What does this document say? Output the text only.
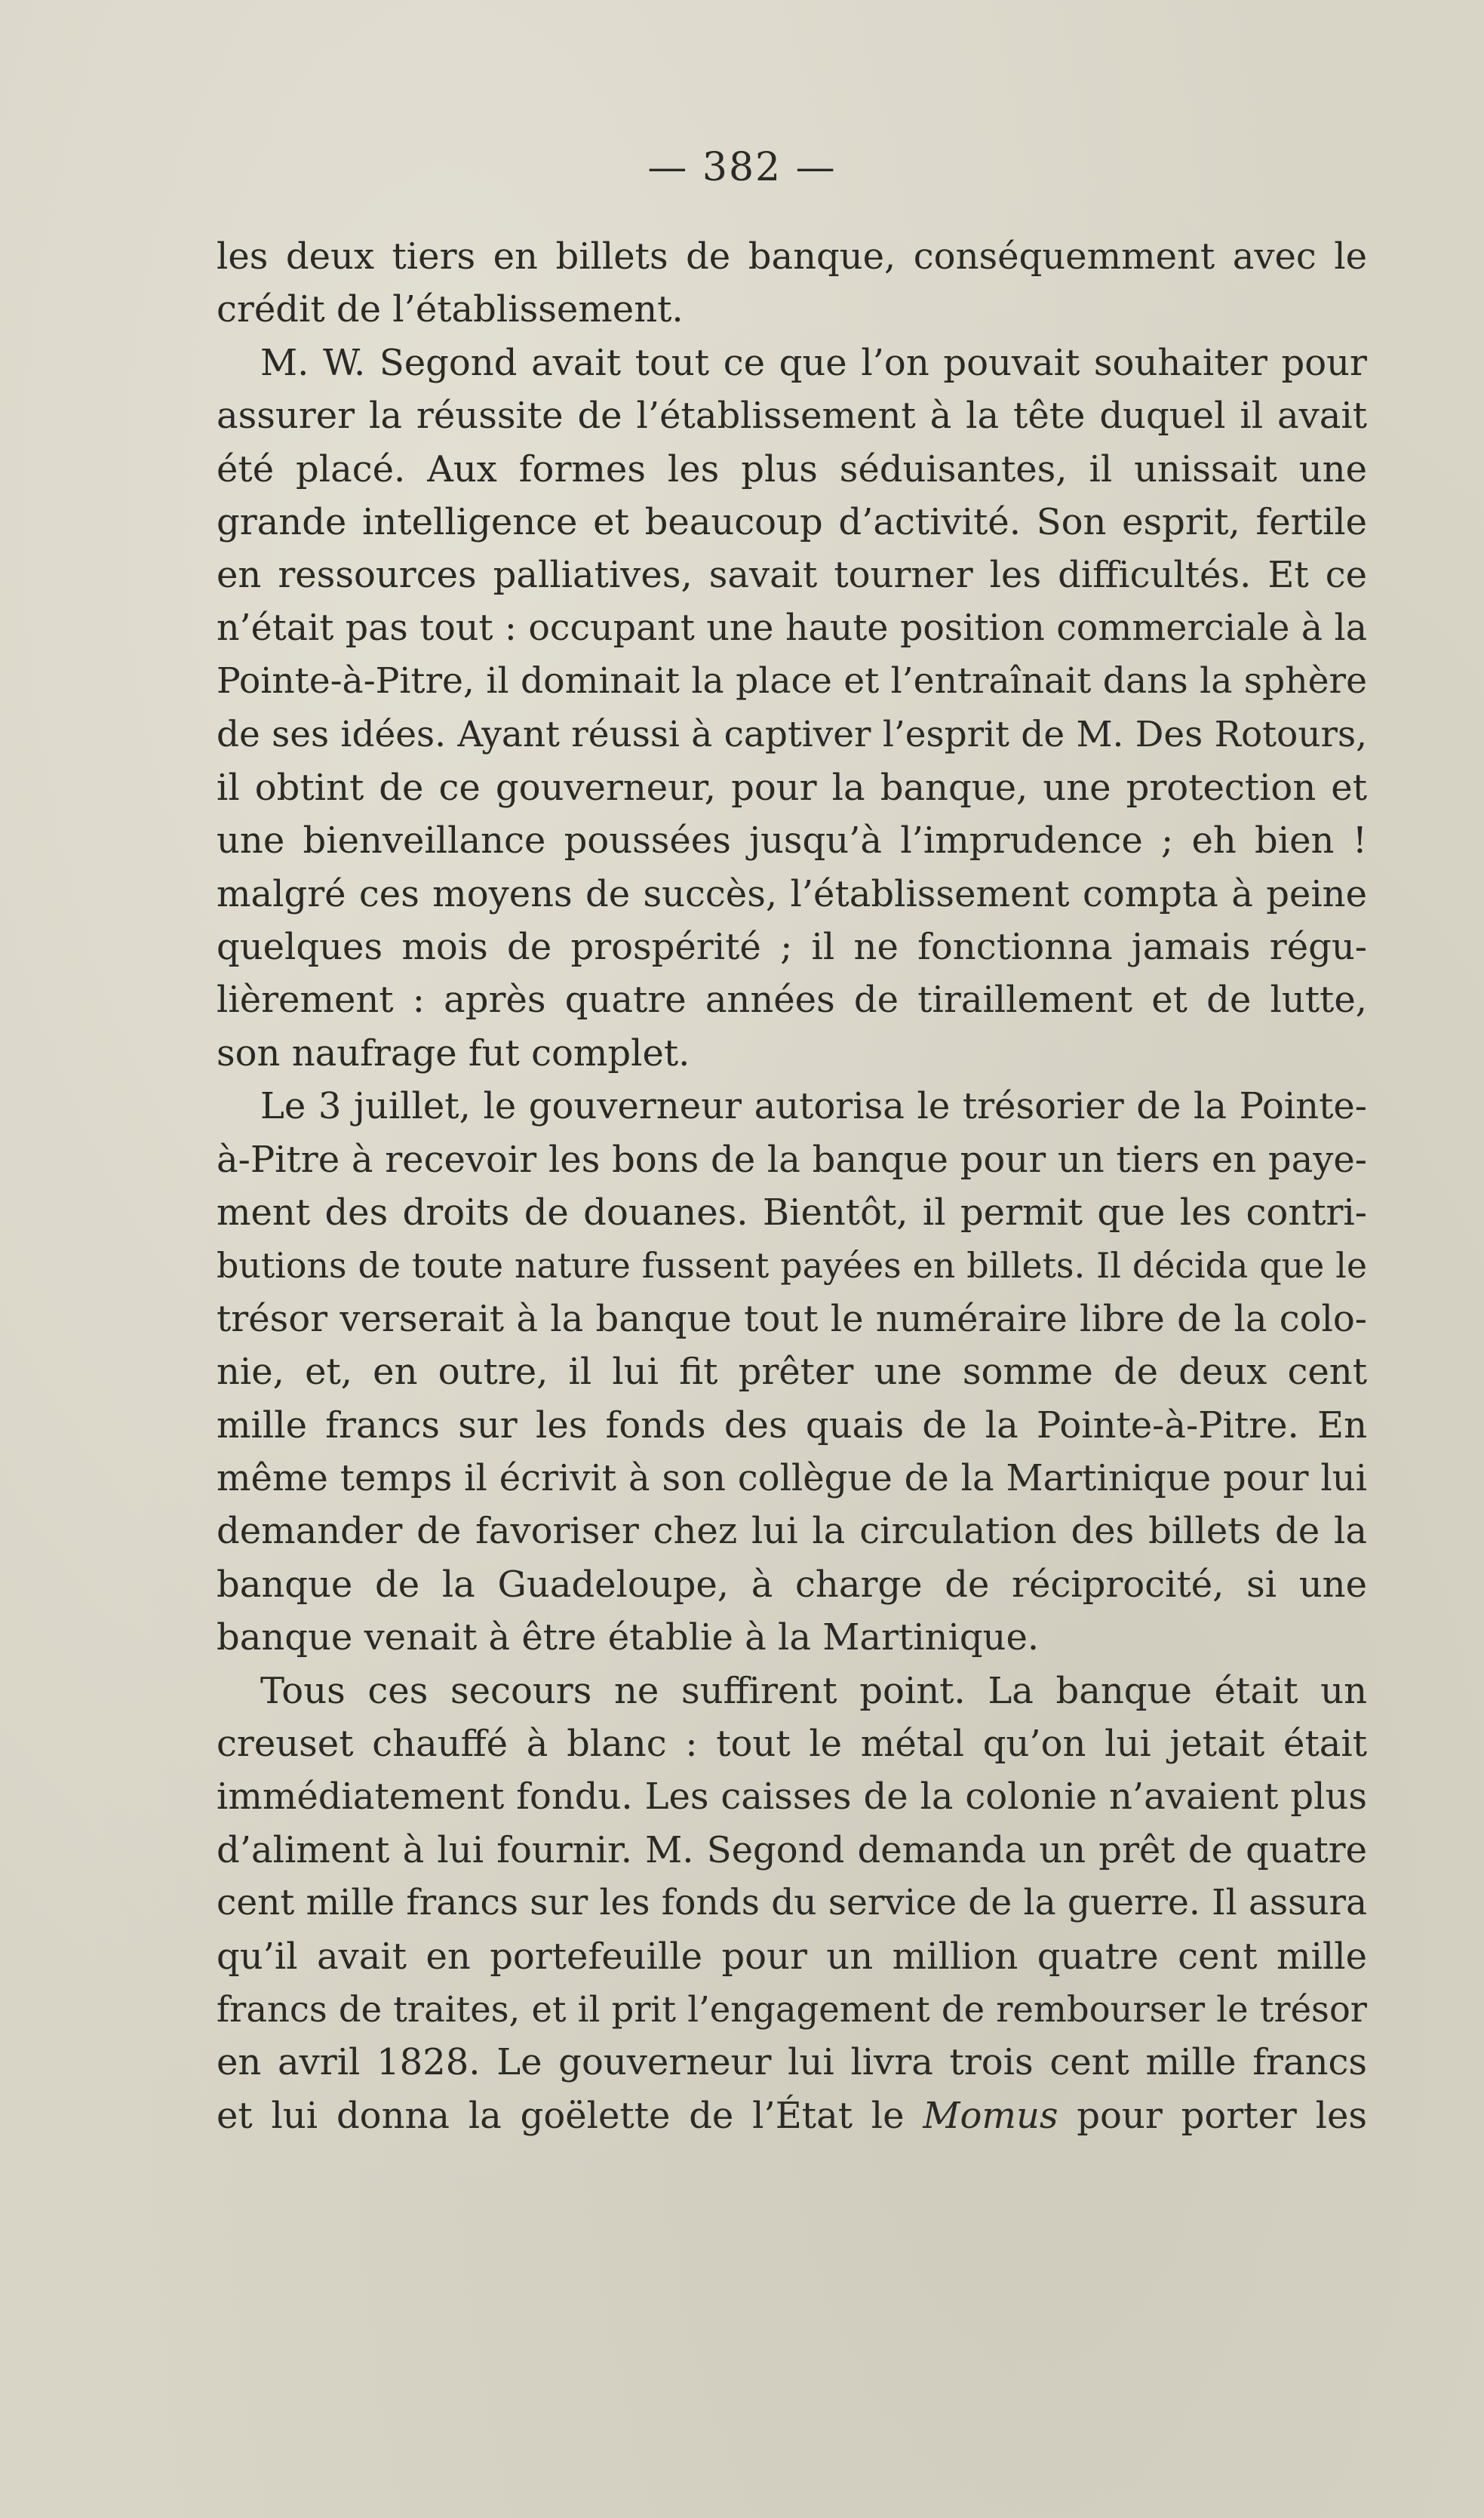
— 382 —
les deux tiers en billets de banque, conséquemment avec le
crédit de l’établissement.
M. W. Segond avait tout ce que l’on pouvait souhaiter pour
assurer la réussite de l’établissement à la tête duquel il avait
été placé. Aux formes les plus séduisantes, il unissait une
grande intelligence et beaucoup d’activité. Son esprit, fertile
en ressources palliatives, savait tourner les difficultés. Et ce
n’était pas tout : occupant une haute position commerciale à la
Pointe-à-Pitre, il dominait la place et l’entraînait dans la sphère
de ses idées. Ayant réussi à captiver l’esprit de M. Des Rotours,
il obtint de ce gouverneur, pour la banque, une protection et
une bienveillance poussées jusqu’à l’imprudence ; eh bien !
malgré ces moyens de succès, l’établissement compta à peine
quelques mois de prospérité ; il ne fonctionna jamais régu-
lièrement : après quatre années de tiraillement et de lutte,
son naufrage fut complet.
Le 3 juillet, le gouverneur autorisa le trésorier de la Pointe-
à-Pitre à recevoir les bons de la banque pour un tiers en paye-
ment des droits de douanes. Bientôt, il permit que les contri-
butions de toute nature fussent payées en billets. Il décida que le
trésor verserait à la banque tout le numéraire libre de la colo-
nie, et, en outre, il lui fit prêter une somme de deux cent
mille francs sur les fonds des quais de la Pointe-à-Pitre. En
même temps il écrivit à son collègue de la Martinique pour lui
demander de favoriser chez lui la circulation des billets de la
banque de la Guadeloupe, à charge de réciprocité, si une
banque venait à être établie à la Martinique.
Tous ces secours ne suffirent point. La banque était un
creuset chauffé à blanc : tout le métal qu’on lui jetait était
immédiatement fondu. Les caisses de la colonie n’avaient plus
d’aliment à lui fournir. M. Segond demanda un prêt de quatre
cent mille francs sur les fonds du service de la guerre. Il assura
qu’il avait en portefeuille pour un million quatre cent mille
francs de traites, et il prit l’engagement de rembourser le trésor
en avril 1828. Le gouverneur lui livra trois cent mille francs
et lui donna la goëlette de l’État le Momus pour porter les
